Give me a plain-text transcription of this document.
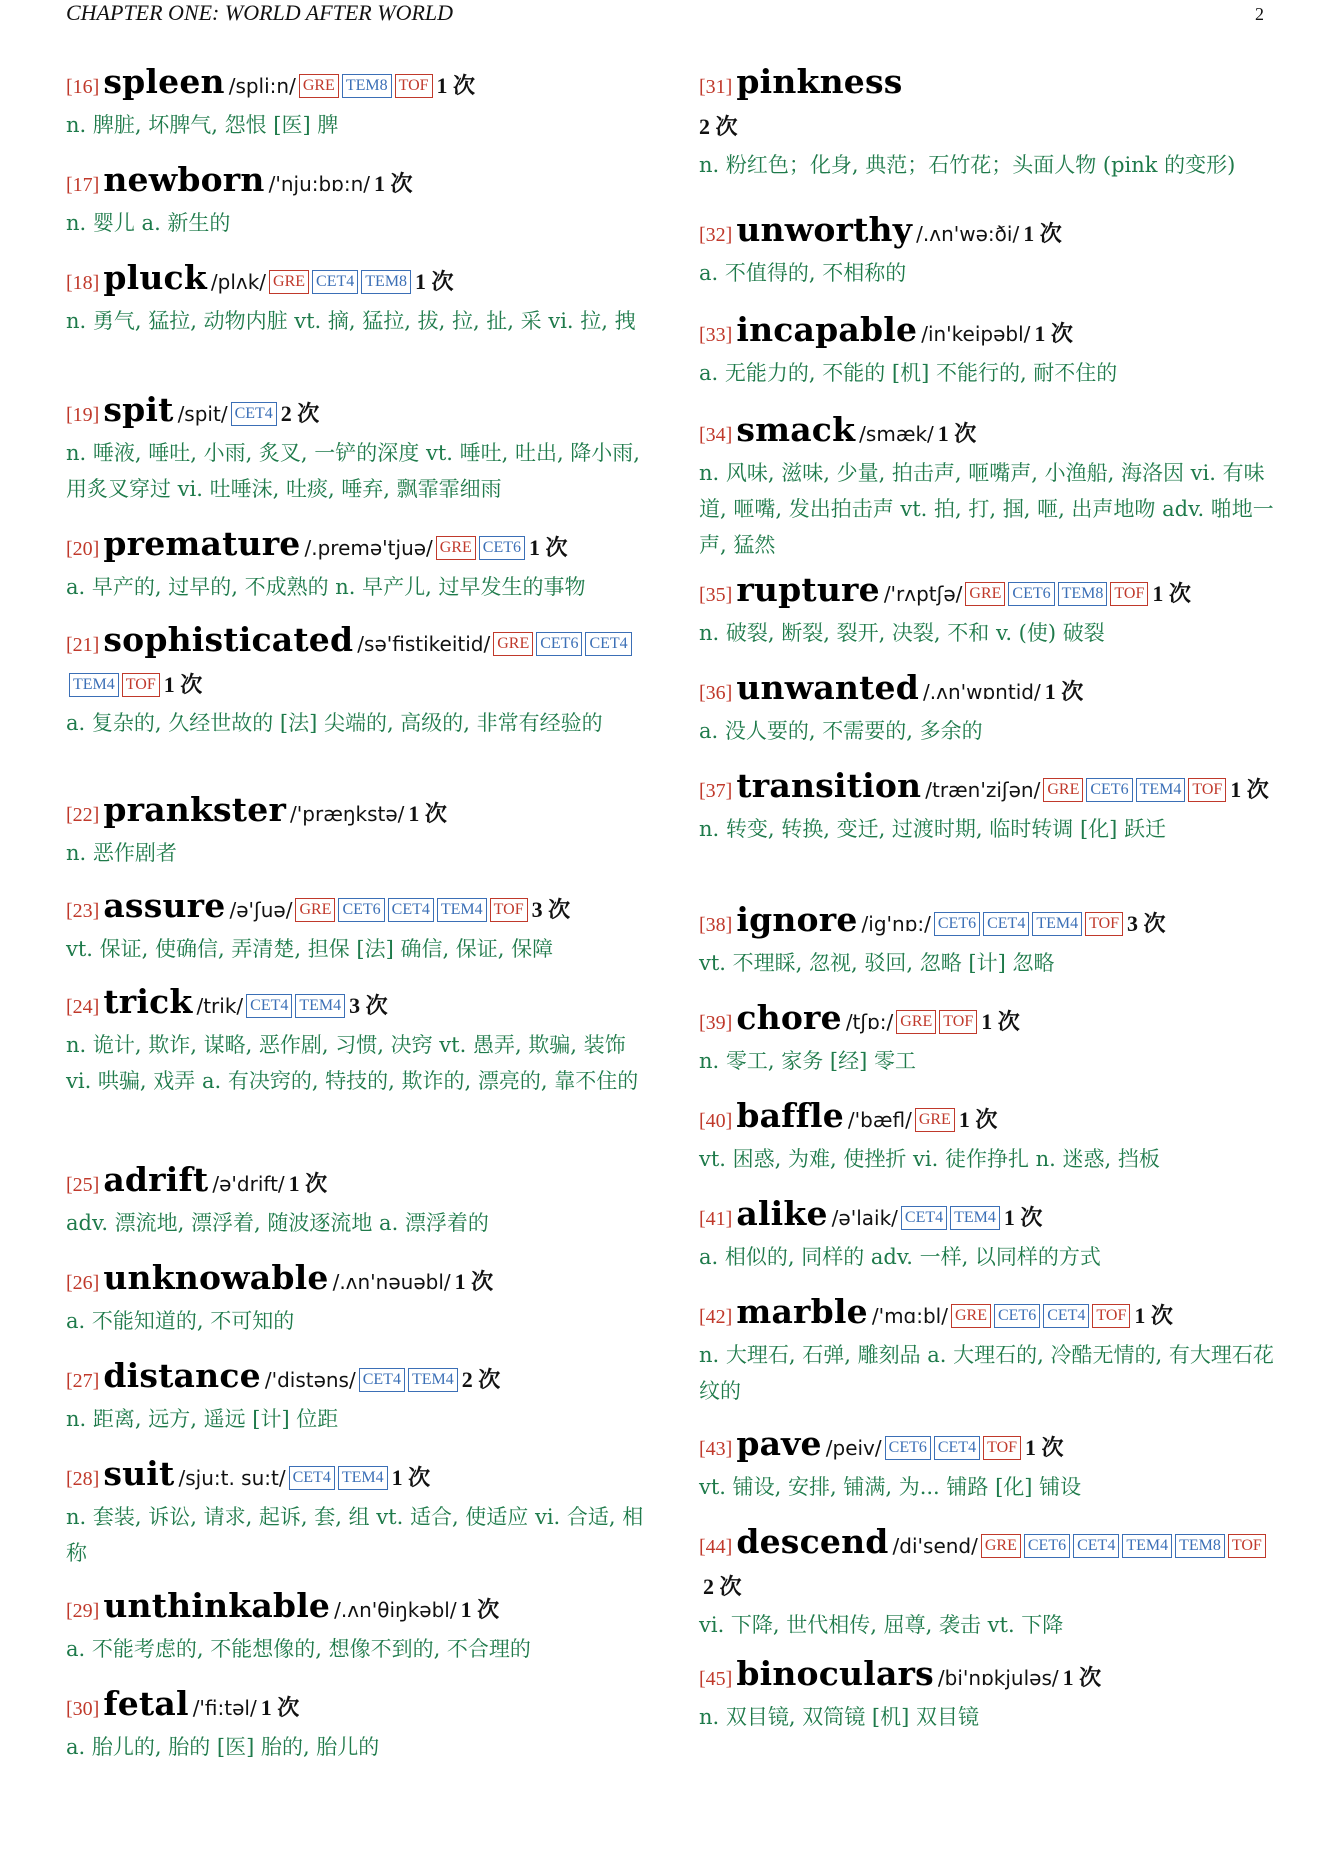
CHAPTER ONE: WORLD AFTER WORLD	2
[16] spleen /spli:n/ GRE TEM8 TOF 1 次
n. 脾脏, 坏脾气, 怨恨 [医] 脾
[17] newborn /'nju:bɒ:n/ 1 次
n. 婴儿 a. 新生的
[18] pluck /plʌk/ GRE CET4 TEM8 1 次
n. 勇气, 猛拉, 动物内脏 vt. 摘, 猛拉, 拔, 拉, 扯, 采 vi. 拉, 拽
[19] spit /spit/ CET4 2 次
n. 唾液, 唾吐, 小雨, 炙叉, 一铲的深度 vt. 唾吐, 吐出, 降小雨, 用炙叉穿过 vi. 吐唾沫, 吐痰, 唾弃, 飘霏霏细雨
[20] premature /.premə'tjuə/ GRE CET6 1 次
a. 早产的, 过早的, 不成熟的 n. 早产儿, 过早发生的事物
[21] sophisticated /sə'fistikeitid/ GRE CET6 CET4TEM4 TOF 1 次
a. 复杂的, 久经世故的 [法] 尖端的, 高级的, 非常有经验的
[22] prankster /'præŋkstə/ 1 次
n. 恶作剧者
[23] assure /ə'ʃuə/ GRE CET6 CET4 TEM4 TOF 3 次
vt. 保证, 使确信, 弄清楚, 担保 [法] 确信, 保证, 保障
[24] trick /trik/ CET4 TEM4 3 次
n. 诡计, 欺诈, 谋略, 恶作剧, 习惯, 决窍 vt. 愚弄, 欺骗, 装饰 vi. 哄骗, 戏弄 a. 有决窍的, 特技的, 欺诈的, 漂亮的, 靠不住的
[25] adrift /ə'drift/ 1 次
adv. 漂流地, 漂浮着, 随波逐流地 a. 漂浮着的
[26] unknowable /.ʌn'nəuəbl/ 1 次
a. 不能知道的, 不可知的
[27] distance /'distəns/ CET4 TEM4 2 次
n. 距离, 远方, 遥远 [计] 位距
[28] suit /sju:t. su:t/ CET4 TEM4 1 次
n. 套装, 诉讼, 请求, 起诉, 套, 组 vt. 适合, 使适应 vi. 合适, 相称
[29] unthinkable /.ʌn'θiŋkəbl/ 1 次
a. 不能考虑的, 不能想像的, 想像不到的, 不合理的
[30] fetal /'fi:təl/ 1 次
a. 胎儿的, 胎的 [医] 胎的, 胎儿的
[31] pinkness
2 次
n. 粉红色；化身, 典范；石竹花；头面人物 (pink 的变形)
[32] unworthy /.ʌn'wə:ði/ 1 次
a. 不值得的, 不相称的
[33] incapable /in'keipəbl/ 1 次
a. 无能力的, 不能的 [机] 不能行的, 耐不住的
[34] smack /smæk/ 1 次
n. 风味, 滋味, 少量, 拍击声, 咂嘴声, 小渔船, 海洛因 vi. 有味道, 咂嘴, 发出拍击声 vt. 拍, 打, 掴, 咂, 出声地吻 adv. 啪地一声, 猛然
[35] rupture /'rʌptʃə/ GRE CET6 TEM8 TOF 1 次
n. 破裂, 断裂, 裂开, 决裂, 不和 v. (使) 破裂
[36] unwanted /.ʌn'wɒntid/ 1 次
a. 没人要的, 不需要的, 多余的
[37] transition /træn'ziʃən/ GRE CET6 TEM4 TOF 1 次
n. 转变, 转换, 变迁, 过渡时期, 临时转调 [化] 跃迁
[38] ignore /ig'nɒ:/ CET6 CET4 TEM4 TOF 3 次
vt. 不理睬, 忽视, 驳回, 忽略 [计] 忽略
[39] chore /tʃɒ:/ GRE TOF 1 次
n. 零工, 家务 [经] 零工
[40] baffle /'bæfl/ GRE 1 次
vt. 困惑, 为难, 使挫折 vi. 徒作挣扎 n. 迷惑, 挡板
[41] alike /ə'laik/ CET4 TEM4 1 次
a. 相似的, 同样的 adv. 一样, 以同样的方式
[42] marble /'mɑ:bl/ GRE CET6 CET4 TOF 1 次
n. 大理石, 石弹, 雕刻品 a. 大理石的, 冷酷无情的, 有大理石花纹的
[43] pave /peiv/ CET6 CET4 TOF 1 次
vt. 铺设, 安排, 铺满, 为... 铺路 [化] 铺设
[44] descend /di'send/ GRE CET6 CET4 TEM4 TEM8 TOF2 次
vi. 下降, 世代相传, 屈尊, 袭击 vt. 下降
[45] binoculars /bi'nɒkjuləs/ 1 次
n. 双目镜, 双筒镜 [机] 双目镜
